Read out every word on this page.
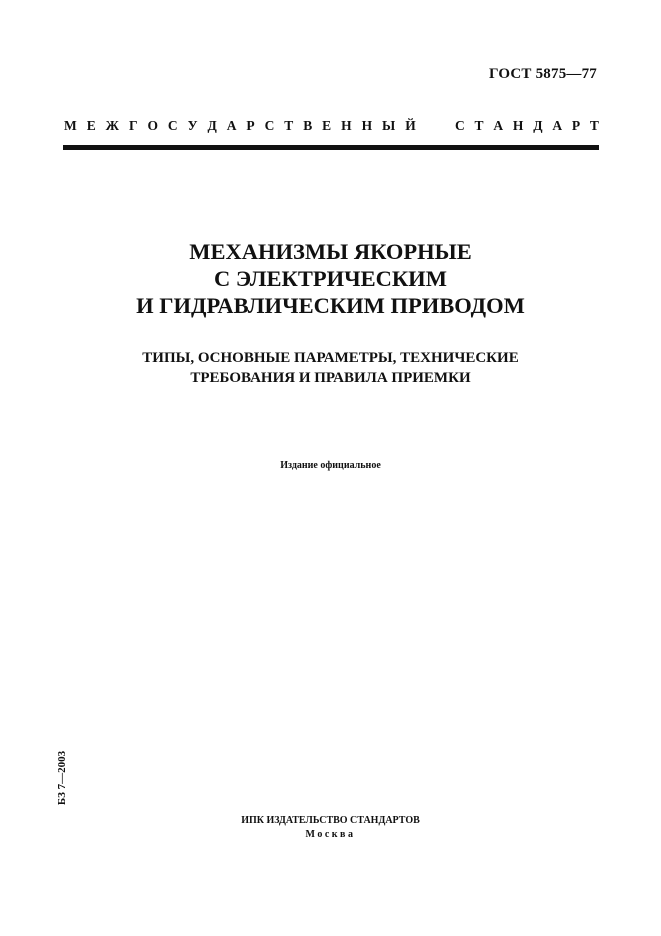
ГОСТ 5875—77
М Е Ж Г О С У Д А Р С Т В Е Н Н Ы Й	С Т А Н Д А Р Т
МЕХАНИЗМЫ ЯКОРНЫЕ
С ЭЛЕКТРИЧЕСКИМ
И ГИДРАВЛИЧЕСКИМ ПРИВОДОМ
ТИПЫ, ОСНОВНЫЕ ПАРАМЕТРЫ, ТЕХНИЧЕСКИЕ
ТРЕБОВАНИЯ И ПРАВИЛА ПРИЕМКИ
Издание официальное
БЗ 7—2003
ИПК ИЗДАТЕЛЬСТВО СТАНДАРТОВ
Москва
